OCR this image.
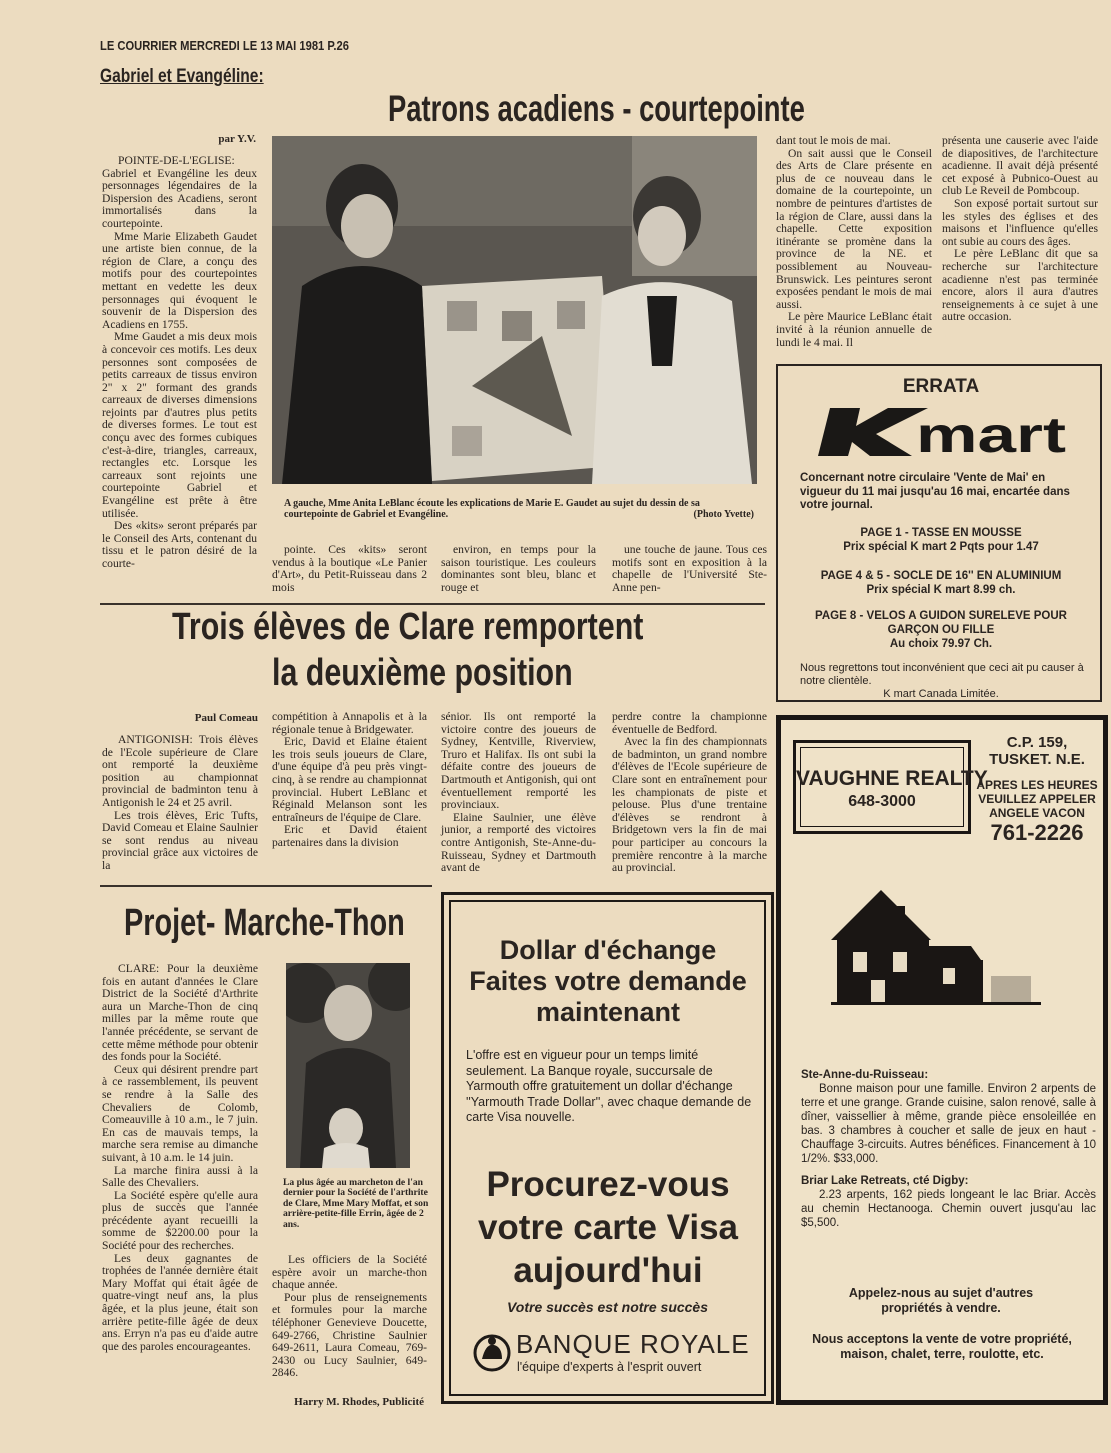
LE COURRIER MERCREDI LE 13 MAI 1981 P.26
Gabriel et Evangéline:
Patrons acadiens - courtepointe
par Y.V.

POINTE-DE-L'EGLISE: Gabriel et Evangéline les deux personnages légendaires de la Dispersion des Acadiens, seront immortalisés dans la courtepointe.

Mme Marie Elizabeth Gaudet une artiste bien connue, de la région de Clare, a conçu des motifs pour des courtepointes mettant en vedette les deux personnages qui évoquent le souvenir de la Dispersion des Acadiens en 1755.

Mme Gaudet a mis deux mois à concevoir ces motifs. Les deux personnes sont composées de petits carreaux de tissus environ 2" x 2" formant des grands carreaux de diverses dimensions rejoints par d'autres plus petits de diverses formes. Le tout est conçu avec des formes cubiques c'est-à-dire, triangles, carreaux, rectangles etc. Lorsque les carreaux sont rejoints une courtepointe Gabriel et Evangéline est prête à être utilisée.

Des «kits» seront préparés par le Conseil des Arts, contenant du tissu et le patron désiré de la courte-

A gauche, Mme Anita LeBlanc écoute les explications de Marie E. Gaudet au sujet du dessin de sa courtepointe de Gabriel et Evangéline.	(Photo Yvette)

pointe. Ces «kits» seront vendus à la boutique «Le Panier d'Art», du Petit-Ruisseau dans 2 mois

environ, en temps pour la saison touristique. Les couleurs dominantes sont bleu, blanc et rouge et

une touche de jaune. Tous ces motifs sont en exposition à la chapelle de l'Université Ste-Anne pen-

dant tout le mois de mai.

On sait aussi que le Conseil des Arts de Clare présente en plus de ce nouveau dans le domaine de la courtepointe, un nombre de peintures d'artistes de la région de Clare, aussi dans la chapelle. Cette exposition itinérante se promène dans la province de la NE. et possiblement au Nouveau-Brunswick. Les peintures seront exposées pendant le mois de mai aussi.

Le père Maurice LeBlanc était invité à la réunion annuelle de lundi le 4 mai. Il

présenta une causerie avec l'aide de diapositives, de l'architecture acadienne. Il avait déjà présenté cet exposé à Pubnico-Ouest au club Le Reveil de Pombcoup.

Son exposé portait surtout sur les styles des églises et des maisons et l'influence qu'elles ont subie au cours des âges.

Le père LeBlanc dit que sa recherche sur l'architecture acadienne n'est pas terminée encore, alors il aura d'autres renseignements à ce sujet à une autre occasion.

ERRATA
mart
Concernant notre circulaire 'Vente de Mai' en vigueur du 11 mai jusqu'au 16 mai, encartée dans votre journal.
PAGE 1 - TASSE EN MOUSSE
Prix spécial K mart 2 Pqts pour 1.47
PAGE 4 & 5 - SOCLE DE 16'' EN ALUMINIUM
Prix spécial K mart 8.99 ch.
PAGE 8 - VELOS A GUIDON SURELEVE POUR
GARÇON OU FILLE
Au choix 79.97 Ch.
Nous regrettons tout inconvénient que ceci ait pu causer à notre clientèle.
K mart Canada Limitée.
Trois élèves de Clare remportent
la deuxième position
Paul Comeau

ANTIGONISH: Trois élèves de l'Ecole supérieure de Clare ont remporté la deuxième position au championnat provincial de badminton tenu à Antigonish le 24 et 25 avril.

Les trois élèves, Eric Tufts, David Comeau et Elaine Saulnier se sont rendus au niveau provincial grâce aux victoires de la

compétition à Annapolis et à la régionale tenue à Bridgewater.

Eric, David et Elaine étaient les trois seuls joueurs de Clare, d'une équipe d'à peu près vingt-cinq, à se rendre au championnat provincial. Hubert LeBlanc et Réginald Melanson sont les entraîneurs de l'équipe de Clare.

Eric et David étaient partenaires dans la division

sénior. Ils ont remporté la victoire contre des joueurs de Sydney, Kentville, Riverview, Truro et Halifax. Ils ont subi la défaite contre des joueurs de Dartmouth et Antigonish, qui ont éventuellement remporté les provinciaux.

Elaine Saulnier, une élève junior, a remporté des victoires contre Antigonish, Ste-Anne-du-Ruisseau, Sydney et Dartmouth avant de

perdre contre la championne éventuelle de Bedford.

Avec la fin des championnats de badminton, un grand nombre d'élèves de l'Ecole supérieure de Clare sont en entraînement pour les championats de piste et pelouse. Plus d'une trentaine d'élèves se rendront à Bridgetown vers la fin de mai pour participer au concours la première rencontre à la marche au provincial.

Projet- Marche-Thon

CLARE: Pour la deuxième fois en autant d'années le Clare District de la Société d'Arthrite aura un Marche-Thon de cinq milles par la même route que l'année précédente, se servant de cette même méthode pour obtenir des fonds pour la Société.

Ceux qui désirent prendre part à ce rassemblement, ils peuvent se rendre à la Salle des Chevaliers de Colomb, Comeauville à 10 a.m., le 7 juin. En cas de mauvais temps, la marche sera remise au dimanche suivant, à 10 a.m. le 14 juin.

La marche finira aussi à la Salle des Chevaliers.

La Société espère qu'elle aura plus de succès que l'année précédente ayant recueilli la somme de $2200.00 pour la Société pour des recherches.

Les deux gagnantes de trophées de l'année dernière était Mary Moffat qui était âgée de quatre-vingt neuf ans, la plus âgée, et la plus jeune, était son arrière petite-fille âgée de deux ans. Erryn n'a pas eu d'aide autre que des paroles encourageantes.

La plus âgée au marcheton de l'an dernier pour la Société de l'arthrite de Clare, Mme Mary Moffat, et son arrière-petite-fille Errin, âgée de 2 ans.

Les officiers de la Société espère avoir un marche-thon chaque année.

Pour plus de renseignements et formules pour la marche téléphoner Genevieve Doucette, 649-2766, Christine Saulnier 649-2611, Laura Comeau, 769-2430 ou Lucy Saulnier, 649-2846.

Harry M. Rhodes, Publicité
Dollar d'échange Faites votre demande maintenant
L'offre est en vigueur pour un temps limité seulement. La Banque royale, succursale de Yarmouth offre gratuitement un dollar d'échange ''Yarmouth Trade Dollar'', avec chaque demande de carte Visa nouvelle.
Procurez-vous votre carte Visa aujourd'hui
Votre succès est notre succès
BANQUE ROYALE
l'équipe d'experts à l'esprit ouvert
VAUGHNE REALTY
648-3000
C.P. 159,
TUSKET. N.E.
APRES LES HEURES
VEUILLEZ APPELER
ANGELE VACON
761-2226
Ste-Anne-du-Ruisseau:
Bonne maison pour une famille. Environ 2 arpents de terre et une grange. Grande cuisine, salon renové, salle à dîner, vaissellier à même, grande pièce ensoleillée en bas. 3 chambres à coucher et salle de jeux en haut - Chauffage 3-circuits. Autres bénéfices. Financement à 10 1/2%. $33,000.
Briar Lake Retreats, cté Digby:
2.23 arpents, 162 pieds longeant le lac Briar. Accès au chemin Hectanooga. Chemin ouvert jusqu'au lac $5,500.
Appelez-nous au sujet d'autres propriétés à vendre.
Nous acceptons la vente de votre propriété, maison, chalet, terre, roulotte, etc.
